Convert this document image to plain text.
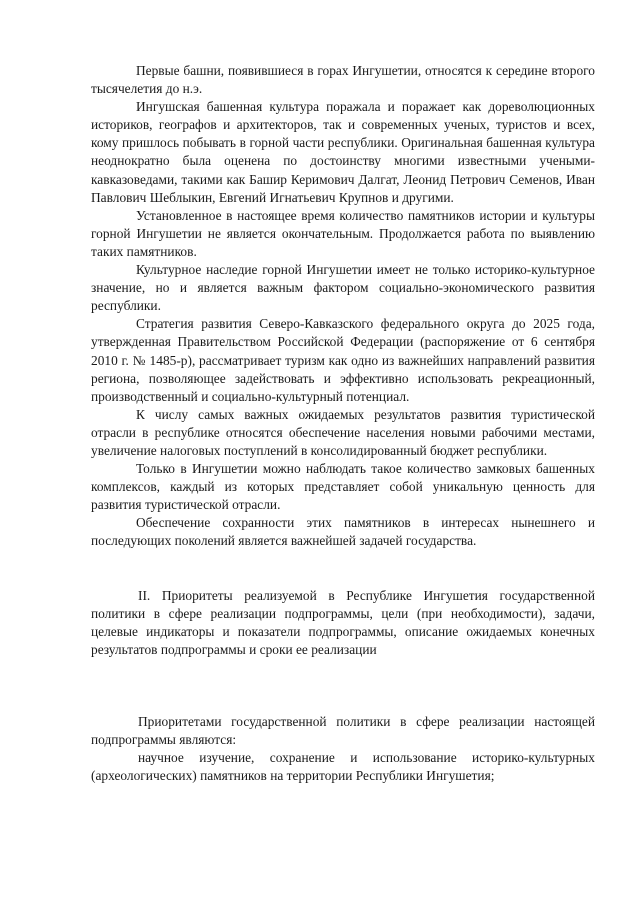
Первые башни, появившиеся в горах Ингушетии, относятся к середине второго тысячелетия до н.э.

Ингушская башенная культура поражала и поражает как дореволюционных историков, географов и архитекторов, так и современных ученых, туристов и всех, кому пришлось побывать в горной части республики. Оригинальная башенная культура неоднократно была оценена по достоинству многими известными учеными-кавказоведами, такими как Башир Керимович Далгат, Леонид Петрович Семенов, Иван Павлович Шеблыкин, Евгений Игнатьевич Крупнов и другими.

Установленное в настоящее время количество памятников истории и культуры горной Ингушетии не является окончательным. Продолжается работа по выявлению таких памятников.

Культурное наследие горной Ингушетии имеет не только историко-культурное значение, но и является важным фактором социально-экономического развития республики.

Стратегия развития Северо-Кавказского федерального округа до 2025 года, утвержденная Правительством Российской Федерации (распоряжение от 6 сентября 2010 г. № 1485-р), рассматривает туризм как одно из важнейших направлений развития региона, позволяющее задействовать и эффективно использовать рекреационный, производственный и социально-культурный потенциал.

К числу самых важных ожидаемых результатов развития туристической отрасли в республике относятся обеспечение населения новыми рабочими местами, увеличение налоговых поступлений в консолидированный бюджет республики.

Только в Ингушетии можно наблюдать такое количество замковых башенных комплексов, каждый из которых представляет собой уникальную ценность для развития туристической отрасли.

Обеспечение сохранности этих памятников в интересах нынешнего и последующих поколений является важнейшей задачей государства.

II. Приоритеты реализуемой в Республике Ингушетия государственной политики в сфере реализации подпрограммы, цели (при необходимости), задачи, целевые индикаторы и показатели подпрограммы, описание ожидаемых конечных результатов подпрограммы и сроки ее реализации

Приоритетами государственной политики в сфере реализации настоящей подпрограммы являются:

научное изучение, сохранение и использование историко-культурных (археологических) памятников на территории Республики Ингушетия;
